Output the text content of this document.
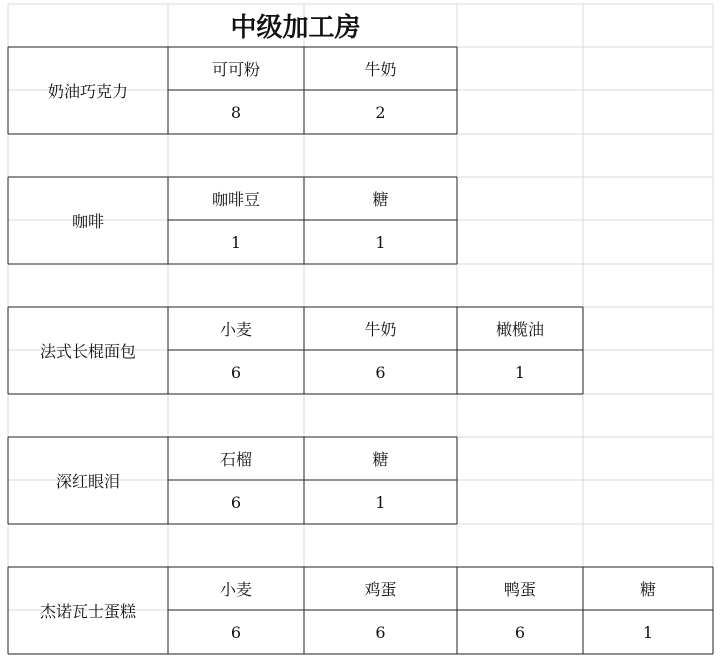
中级加工房
奶油巧克力
可可粉	牛奶
8	2
咖啡
咖啡豆	糖
1	1
法式长棍面包
小麦	牛奶	橄榄油
6	6	1
深红眼泪
石榴	糖
6	1
杰诺瓦士蛋糕
小麦	鸡蛋	鸭蛋	糖
6	6	6	1
